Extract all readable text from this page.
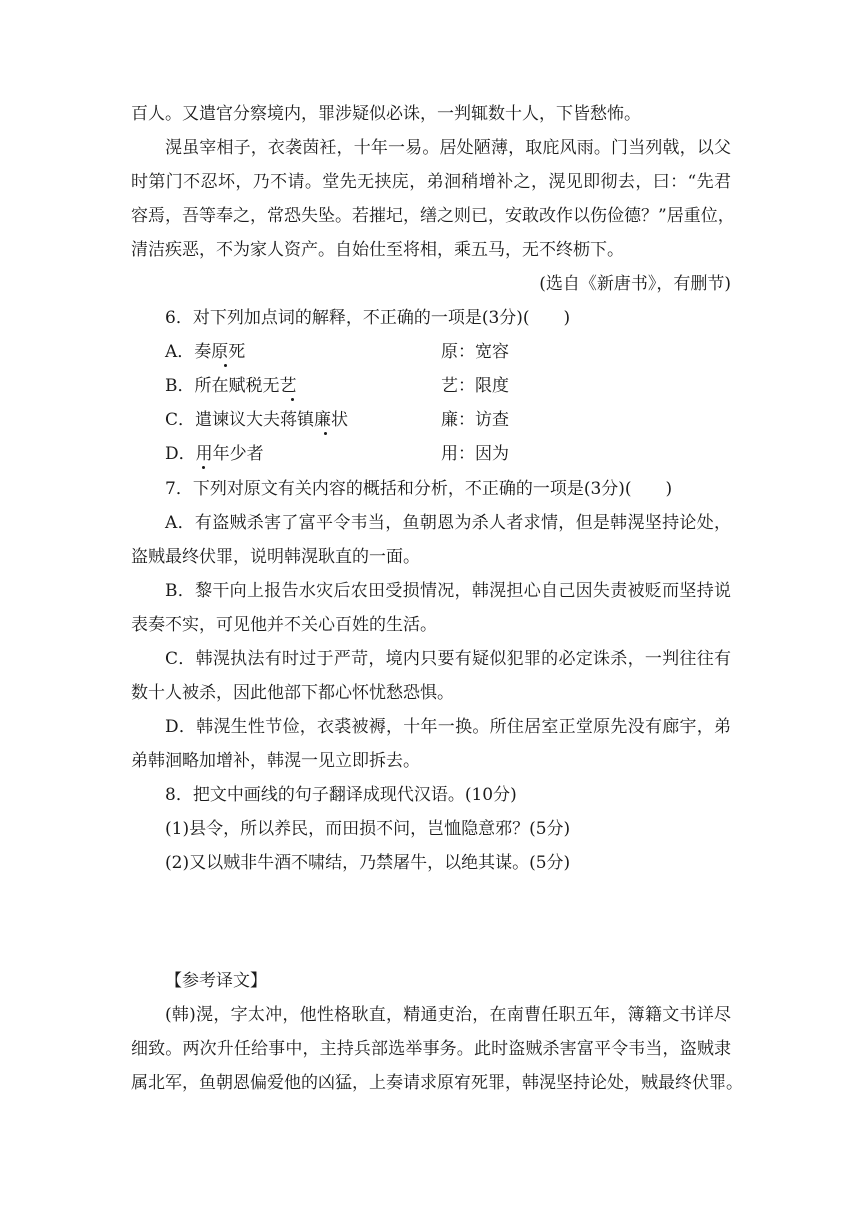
百人。又遣官分察境内，罪涉疑似必诛，一判辄数十人，下皆愁怖。
滉虽宰相子，衣袭茵衽，十年一易。居处陋薄，取庇风雨。门当列戟，以父
时第门不忍坏，乃不请。堂先无挟庑，弟洄稍增补之，滉见即彻去，曰：“先君
容焉，吾等奉之，常恐失坠。若摧圮，缮之则已，安敢改作以伤俭德？”居重位，
清洁疾恶，不为家人资产。自始仕至将相，乘五马，无不终枥下。
(选自《新唐书》，有删节)
6．对下列加点词的解释，不正确的一项是(3分)(　　)
A．奏原死	原：宽容
B．所在赋税无艺	艺：限度
C．遣谏议大夫蒋镇廉状	廉：访查
D．用年少者	用：因为
7．下列对原文有关内容的概括和分析，不正确的一项是(3分)(　　)
A．有盗贼杀害了富平令韦当，鱼朝恩为杀人者求情，但是韩滉坚持论处，
盗贼最终伏罪，说明韩滉耿直的一面。
B．黎干向上报告水灾后农田受损情况，韩滉担心自己因失责被贬而坚持说
表奏不实，可见他并不关心百姓的生活。
C．韩滉执法有时过于严苛，境内只要有疑似犯罪的必定诛杀，一判往往有
数十人被杀，因此他部下都心怀忧愁恐惧。
D．韩滉生性节俭，衣裘被褥，十年一换。所住居室正堂原先没有廊宇，弟
弟韩洄略加增补，韩滉一见立即拆去。
8．把文中画线的句子翻译成现代汉语。(10分)
(1)县令，所以养民，而田损不问，岂恤隐意邪？(5分)
(2)又以贼非牛酒不啸结，乃禁屠牛，以绝其谋。(5分)
【参考译文】
(韩)滉，字太冲，他性格耿直，精通吏治，在南曹任职五年，簿籍文书详尽
细致。两次升任给事中，主持兵部选举事务。此时盗贼杀害富平令韦当，盗贼隶
属北军，鱼朝恩偏爱他的凶猛，上奏请求原宥死罪，韩滉坚持论处，贼最终伏罪。
